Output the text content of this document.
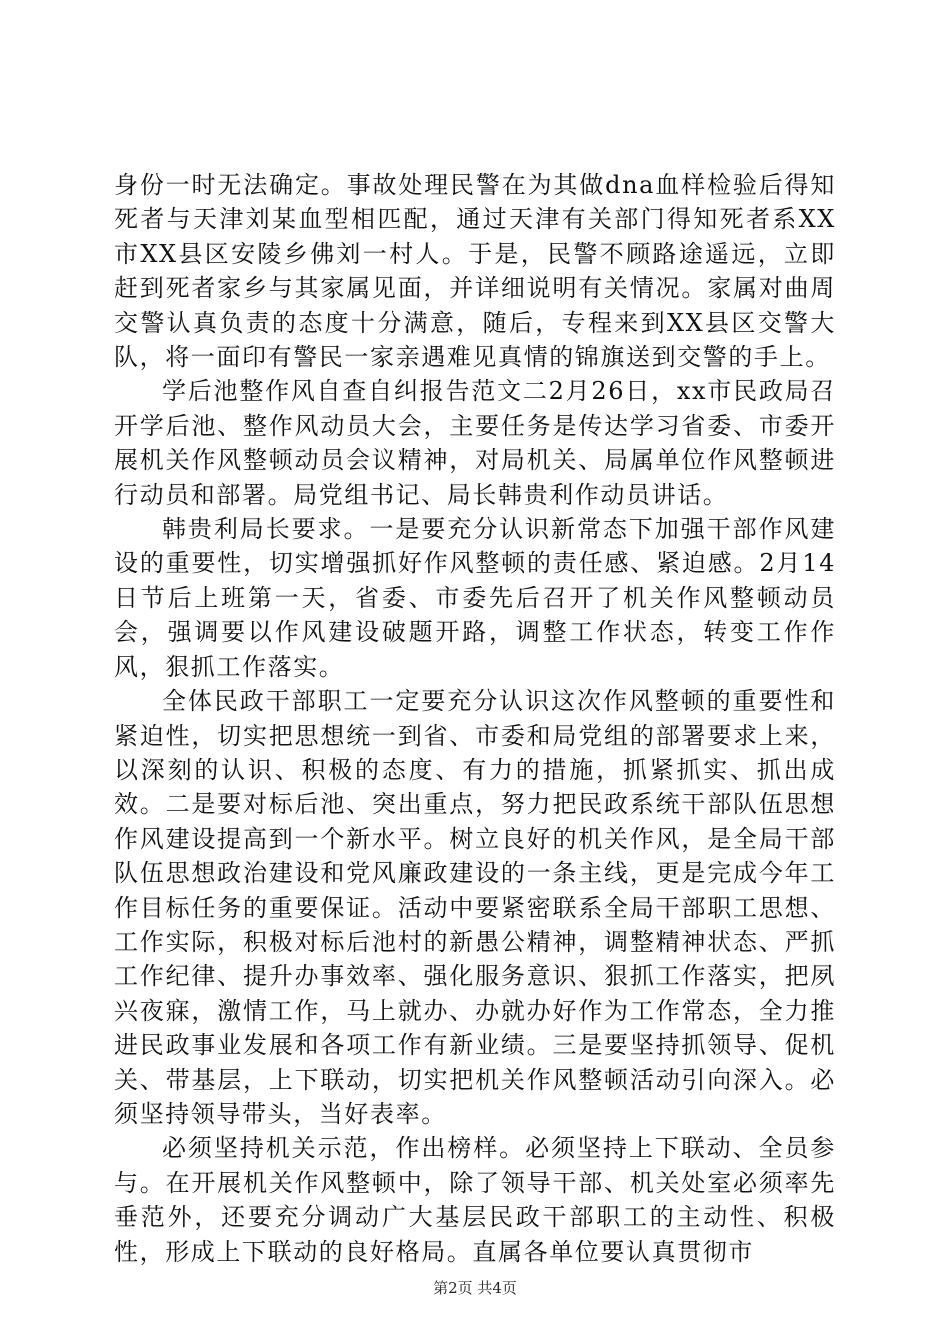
身份一时无法确定。事故处理民警在为其做dna血样检验后得知死者与天津刘某血型相匹配，通过天津有关部门得知死者系XX市XX县区安陵乡佛刘一村人。于是，民警不顾路途遥远，立即赶到死者家乡与其家属见面，并详细说明有关情况。家属对曲周交警认真负责的态度十分满意，随后，专程来到XX县区交警大队，将一面印有警民一家亲遇难见真情的锦旗送到交警的手上。

学后池整作风自查自纠报告范文二2月26日，xx市民政局召开学后池、整作风动员大会，主要任务是传达学习省委、市委开展机关作风整顿动员会议精神，对局机关、局属单位作风整顿进行动员和部署。局党组书记、局长韩贵利作动员讲话。

韩贵利局长要求。一是要充分认识新常态下加强干部作风建设的重要性，切实增强抓好作风整顿的责任感、紧迫感。2月14日节后上班第一天，省委、市委先后召开了机关作风整顿动员会，强调要以作风建设破题开路，调整工作状态，转变工作作风，狠抓工作落实。

全体民政干部职工一定要充分认识这次作风整顿的重要性和紧迫性，切实把思想统一到省、市委和局党组的部署要求上来，以深刻的认识、积极的态度、有力的措施，抓紧抓实、抓出成效。二是要对标后池、突出重点，努力把民政系统干部队伍思想作风建设提高到一个新水平。树立良好的机关作风，是全局干部队伍思想政治建设和党风廉政建设的一条主线，更是完成今年工作目标任务的重要保证。活动中要紧密联系全局干部职工思想、工作实际，积极对标后池村的新愚公精神，调整精神状态、严抓工作纪律、提升办事效率、强化服务意识、狠抓工作落实，把夙兴夜寐，激情工作，马上就办、办就办好作为工作常态，全力推进民政事业发展和各项工作有新业绩。三是要坚持抓领导、促机关、带基层，上下联动，切实把机关作风整顿活动引向深入。必须坚持领导带头，当好表率。

必须坚持机关示范，作出榜样。必须坚持上下联动、全员参与。在开展机关作风整顿中，除了领导干部、机关处室必须率先垂范外，还要充分调动广大基层民政干部职工的主动性、积极性，形成上下联动的良好格局。直属各单位要认真贯彻市

第2页 共4页
